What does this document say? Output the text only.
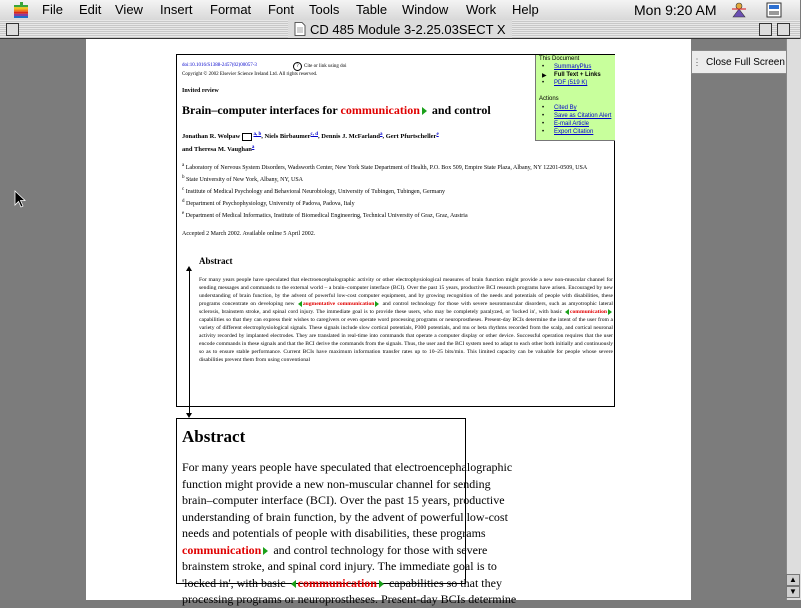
File Edit View Insert Format Font Tools Table Window Work Help	Mon 9:20 AM
CD 485 Module 3-2.25.03SECT X
⋮ Close Full Screen
▲
▼
doi:10.1016/S1388-2457(02)00057-3	?	Cite or link using doi
Copyright © 2002 Elsevier Science Ireland Ltd. All rights reserved.
Invited review
Brain–computer interfaces for communication and control
Jonathan R. Wolpaw	$^{a, b}$, Niels Birbaumer$^{c, d}$, Dennis J. McFarland$^a$, Gert Pfurtscheller$^e$
and Theresa M. Vaughan$^a$
$^a$ Laboratory of Nervous System Disorders, Wadsworth Center, New York State Department of Health, P.O. Box 509, Empire State Plaza, Albany, NY 12201-0509, USA
$^b$ State University of New York, Albany, NY, USA
$^c$ Institute of Medical Psychology and Behavioral Neurobiology, University of Tubingen, Tubingen, Germany
$^d$ Department of Psychophysiology, University of Padova, Padova, Italy
$^e$ Department of Medical Informatics, Institute of Biomedical Engineering, Technical University of Graz, Graz, Austria
Accepted 2 March 2002. Available online 5 April 2002.
Abstract
For many years people have speculated that electroencephalographic activity or other electrophysiological measures of brain function might provide a new non-muscular channel for sending messages and commands to the external world – a brain–computer interface (BCI). Over the past 15 years, productive BCI research programs have arisen. Encouraged by new understanding of brain function, by the advent of powerful low-cost computer equipment, and by growing recognition of the needs and potentials of people with disabilities, these programs concentrate on developing new augmentative communication and control technology for those with severe neuromuscular disorders, such as amyotrophic lateral sclerosis, brainstem stroke, and spinal cord injury. The immediate goal is to provide these users, who may be completely paralyzed, or 'locked in', with basic communication capabilities so that they can express their wishes to caregivers or even operate word processing programs or neuroprostheses. Present-day BCIs determine the intent of the user from a variety of different electrophysiological signals. These signals include slow cortical potentials, P300 potentials, and mu or beta rhythms recorded from the scalp, and cortical neuronal activity recorded by implanted electrodes. They are translated in real-time into commands that operate a computer display or other device. Successful operation requires that the user encode commands in these signals and that the BCI derive the commands from the signals. Thus, the user and the BCI system need to adapt to each other both initially and continuously so as to ensure stable performance. Current BCIs have maximum information transfer rates up to 10–25 bits/min. This limited capacity can be valuable for people whose severe disabilities prevent them from using conventional
This Document
•	SummaryPlus
▶	Full Text + Links
•	PDF (519 K)
Actions
•	Cited By
•	Save as Citation Alert
•	E-mail Article
•	Export Citation
Abstract
For many years people have speculated that electroencephalographic
function might provide a new non-muscular channel for sending
brain–computer interface (BCI). Over the past 15 years, productive
understanding of brain function, by the advent of powerful low-cost
needs and potentials of people with disabilities, these programs
communication and control technology for those with severe
brainstem stroke, and spinal cord injury. The immediate goal is to
'locked in', with basic communication capabilities so that they
processing programs or neuroprostheses. Present-day BCIs determine
